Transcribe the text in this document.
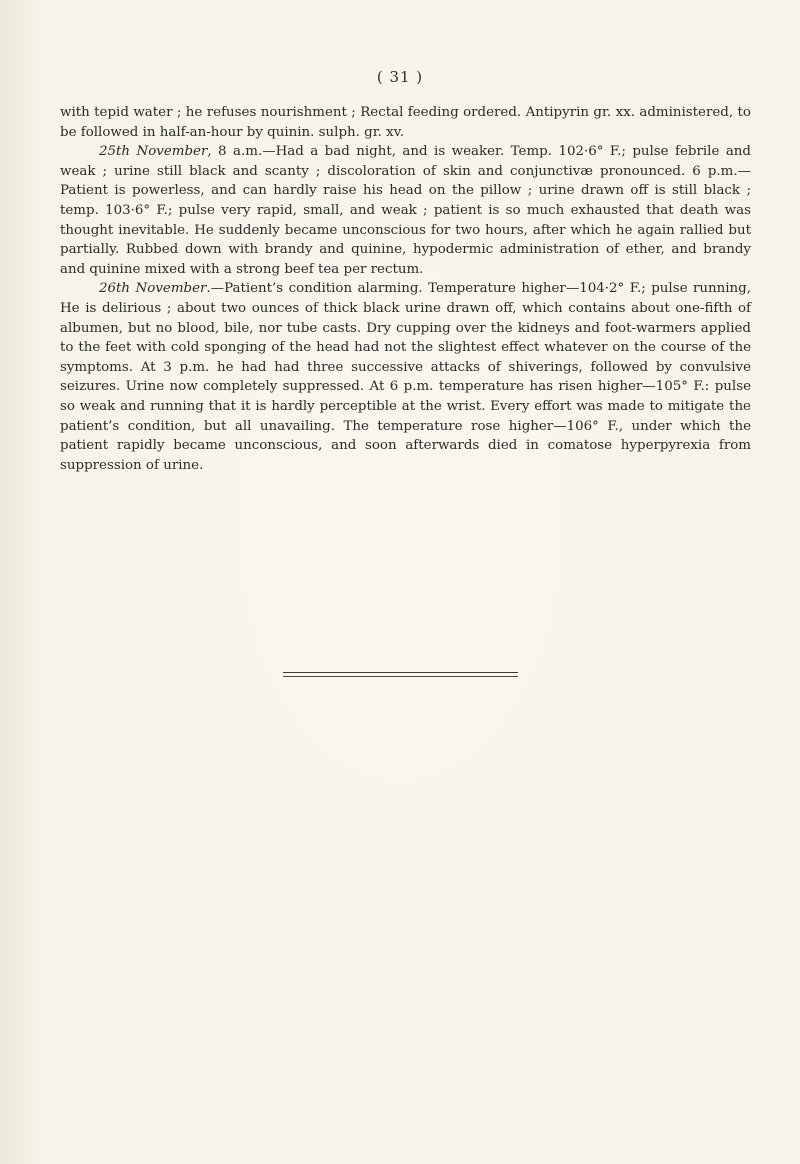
( 31 )

with tepid water ; he refuses nourishment ; Rectal feeding ordered. Antipyrin gr. xx. administered, to be followed in half-an-hour by quinin. sulph. gr. xv.

25th November, 8 a.m.—Had a bad night, and is weaker. Temp. 102·6° F.; pulse febrile and weak ; urine still black and scanty ; discoloration of skin and conjunctivæ pronounced. 6 p.m.—Patient is powerless, and can hardly raise his head on the pillow ; urine drawn off is still black ; temp. 103·6° F.; pulse very rapid, small, and weak ; patient is so much exhausted that death was thought inevitable. He suddenly became unconscious for two hours, after which he again rallied but partially. Rubbed down with brandy and quinine, hypodermic administration of ether, and brandy and quinine mixed with a strong beef tea per rectum.

26th November.—Patient’s condition alarming. Temperature higher—104·2° F.; pulse running, He is delirious ; about two ounces of thick black urine drawn off, which contains about one-fifth of albumen, but no blood, bile, nor tube casts. Dry cupping over the kidneys and foot-warmers applied to the feet with cold sponging of the head had not the slightest effect whatever on the course of the symptoms. At 3 p.m. he had had three successive attacks of shiverings, followed by convulsive seizures. Urine now completely suppressed. At 6 p.m. temperature has risen higher—105° F.: pulse so weak and running that it is hardly perceptible at the wrist. Every effort was made to mitigate the patient’s condition, but all unavailing. The temperature rose higher—106° F., under which the patient rapidly became unconscious, and soon afterwards died in comatose hyperpyrexia from suppression of urine.
